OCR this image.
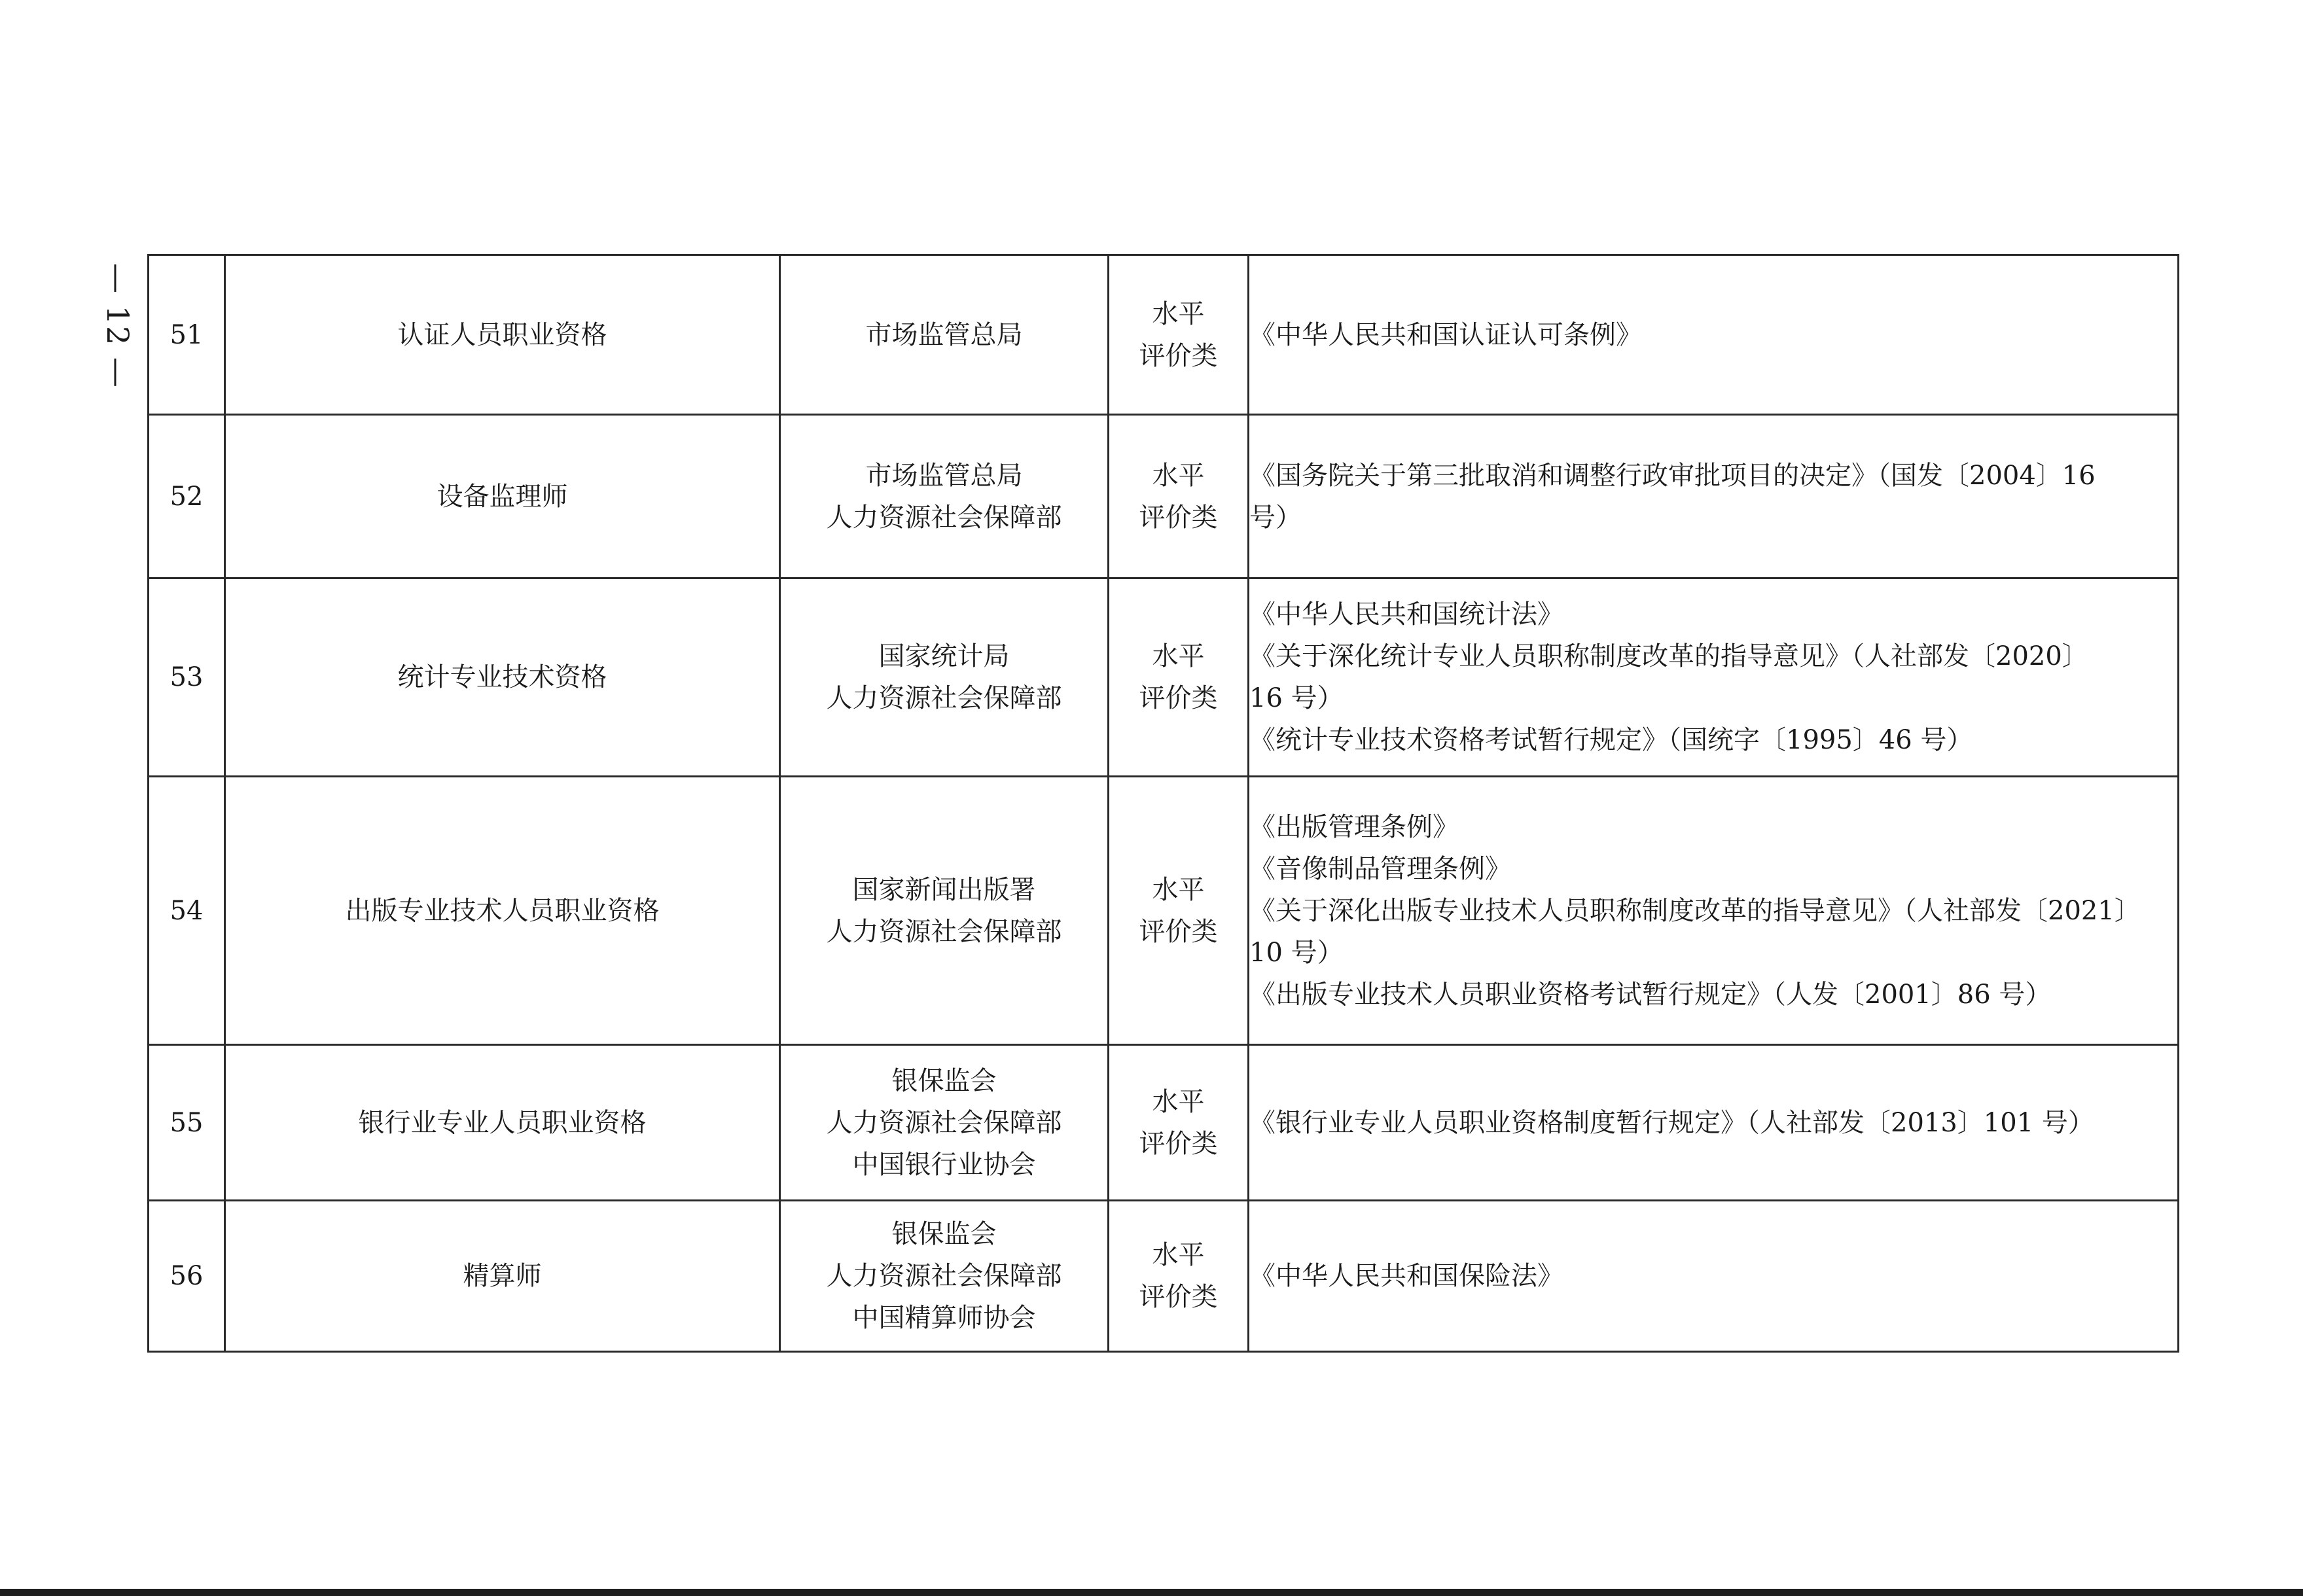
— 12 — 51	认证人员职业资格	市场监管总局	水平
评价类	《中华人民共和国认证认可条例》

52	设备监理师	市场监管总局
人力资源社会保障部	水平
评价类	《国务院关于第三批取消和调整行政审批项目的决定》（国发〔2004〕16
号）

53	统计专业技术资格	国家统计局
人力资源社会保障部	水平
评价类	《中华人民共和国统计法》
《关于深化统计专业人员职称制度改革的指导意见》（人社部发〔2020〕
16 号）
《统计专业技术资格考试暂行规定》（国统字〔1995〕46 号）

54	出版专业技术人员职业资格	国家新闻出版署
人力资源社会保障部	水平
评价类	《出版管理条例》
《音像制品管理条例》
《关于深化出版专业技术人员职称制度改革的指导意见》（人社部发〔2021〕
10 号）
《出版专业技术人员职业资格考试暂行规定》（人发〔2001〕86 号）

55	银行业专业人员职业资格	银保监会
人力资源社会保障部
中国银行业协会	水平
评价类	《银行业专业人员职业资格制度暂行规定》（人社部发〔2013〕101 号）

56	精算师	银保监会
人力资源社会保障部
中国精算师协会	水平
评价类	《中华人民共和国保险法》
